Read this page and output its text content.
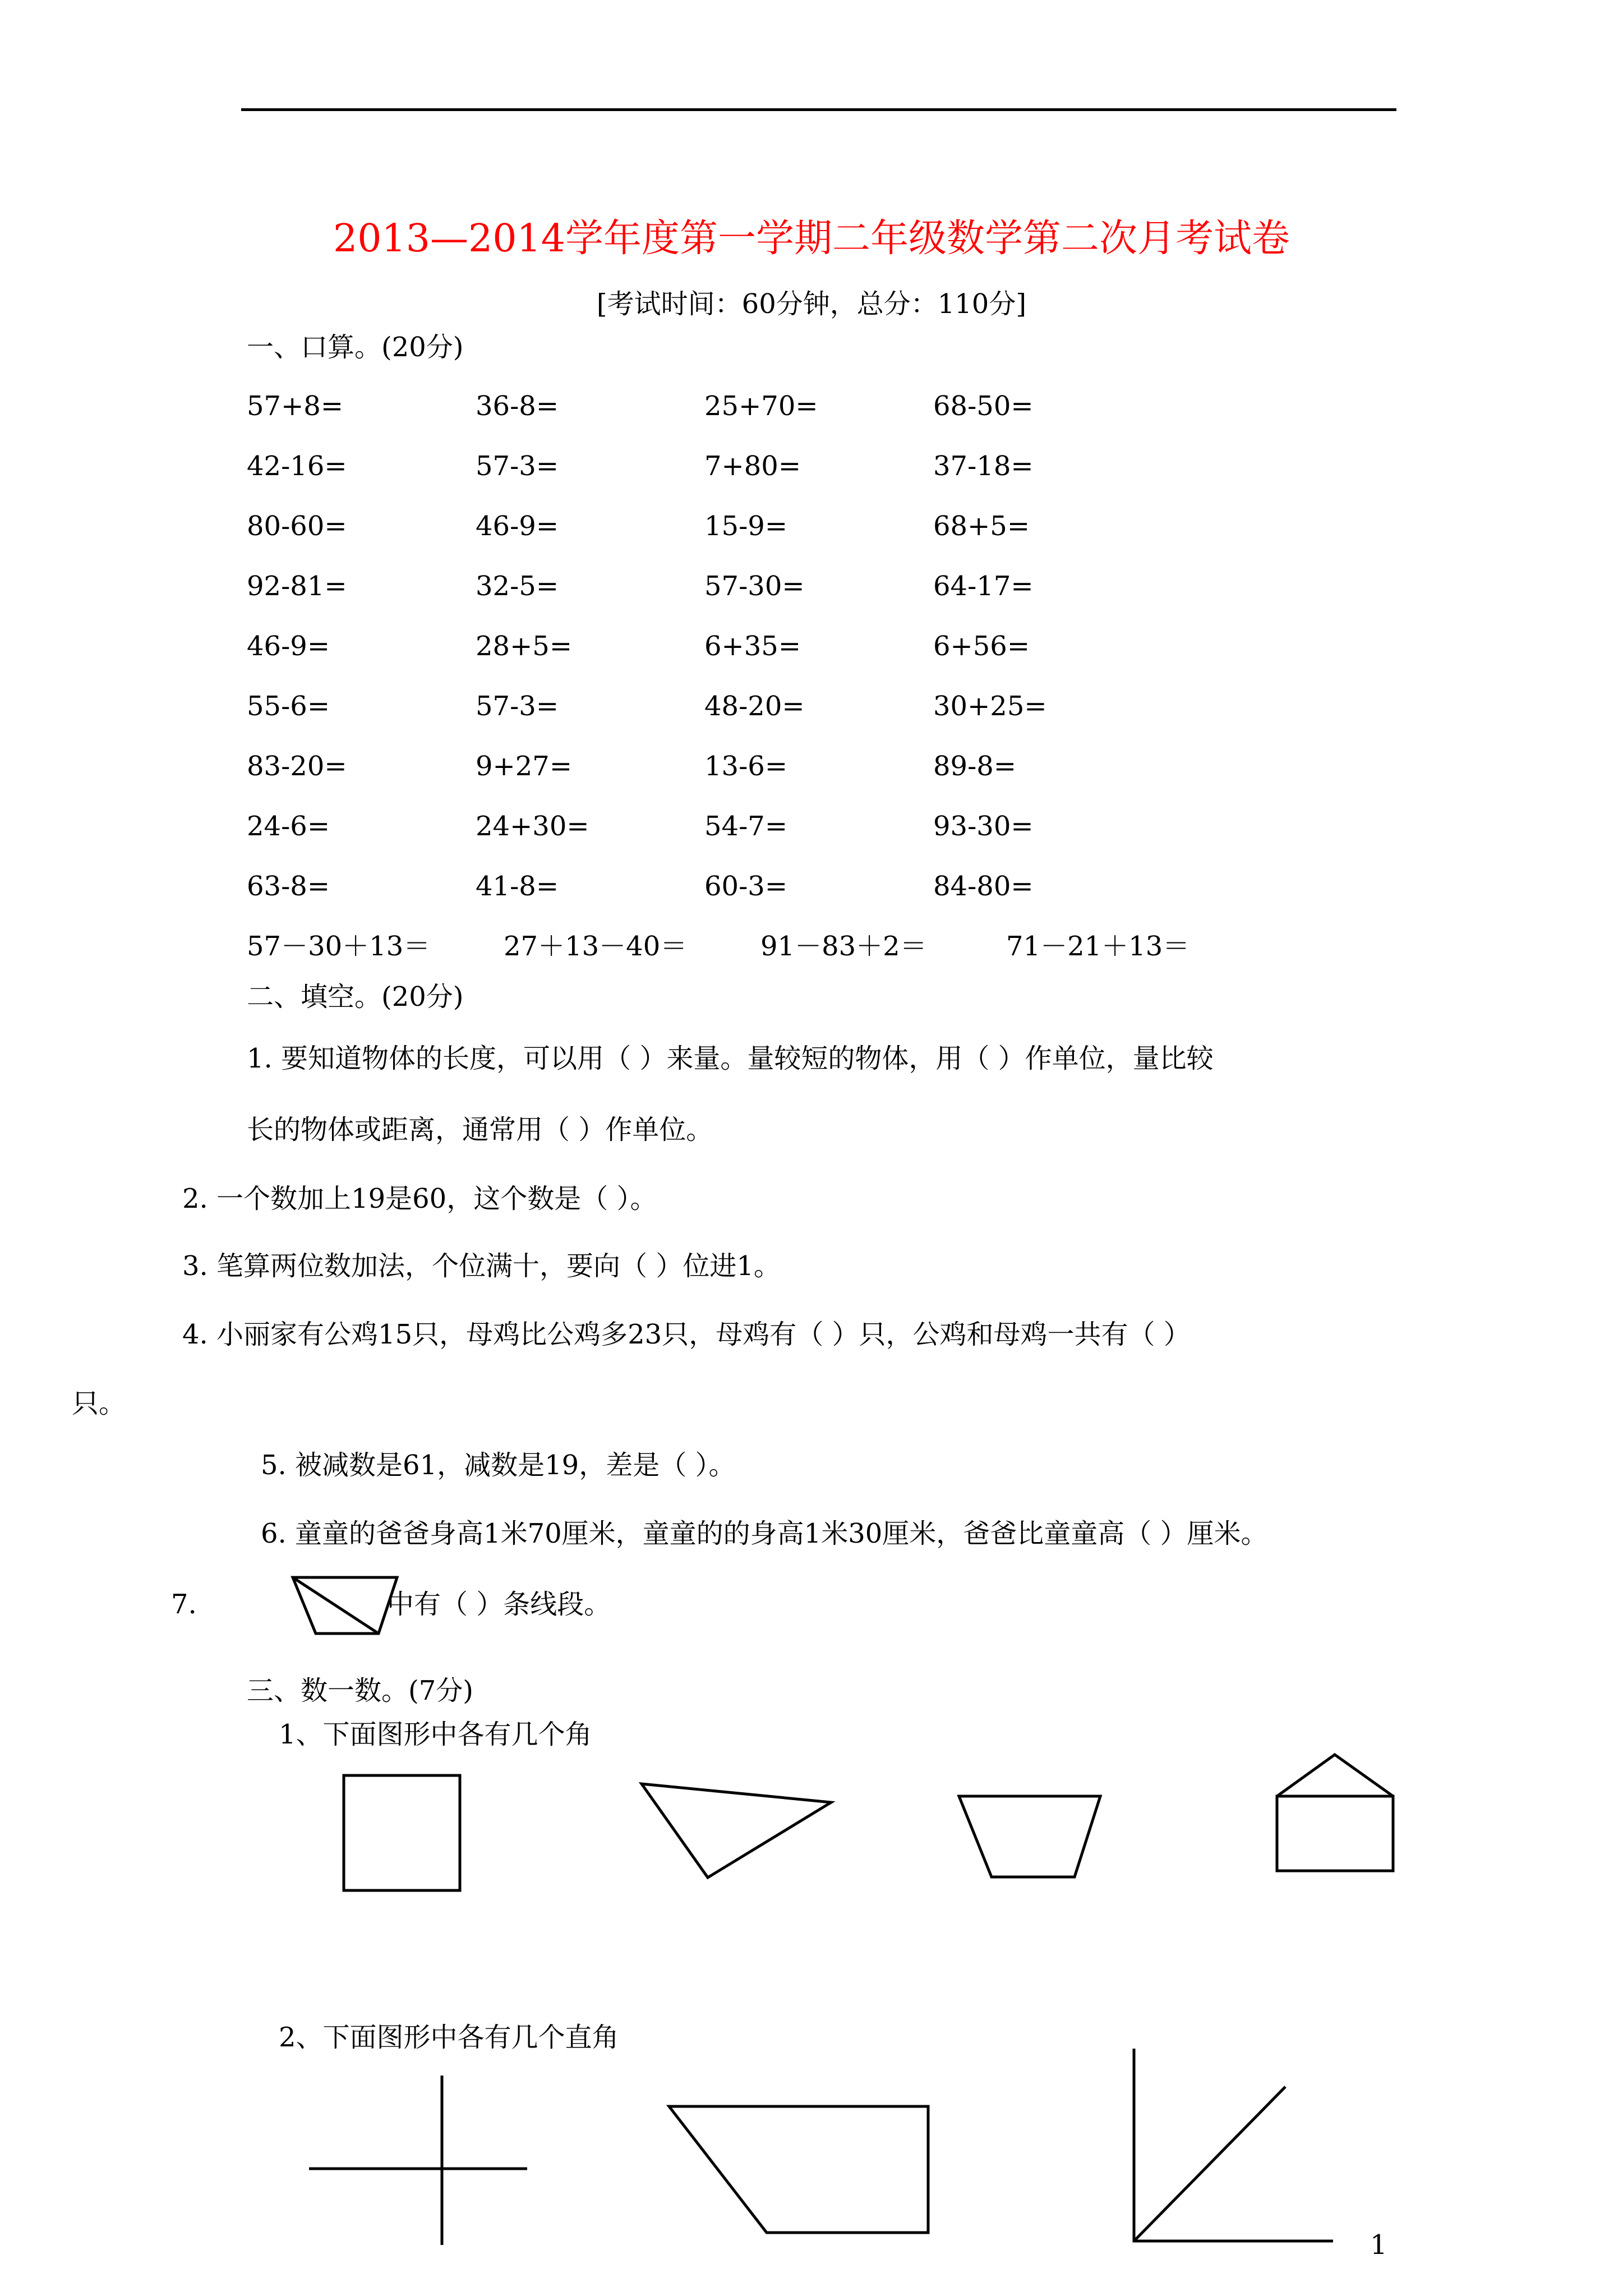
2013—2014学年度第一学期二年级数学第二次月考试卷
[考试时间：60分钟，总分：110分]
一、口算。(20分)
57+8=	36-8=	25+70=	68-50=
42-16=	57-3=	7+80=	37-18=
80-60=	46-9=	15-9=	68+5=
92-81=	32-5=	57-30=	64-17=
46-9=	28+5=	6+35=	6+56=
55-6=	57-3=	48-20=	30+25=
83-20=	9+27=	13-6=	89-8=
24-6=	24+30=	54-7=	93-30=
63-8=	41-8=	60-3=	84-80=
57－30＋13＝	27＋13－40＝	91－83＋2＝	71－21＋13＝
二、填空。(20分)
1. 要知道物体的长度，可以用（ ）来量。量较短的物体，用（ ）作单位，量比较
长的物体或距离，通常用（ ）作单位。
2. 一个数加上19是60，这个数是（ ）。
3. 笔算两位数加法，个位满十，要向（ ）位进1。
4. 小丽家有公鸡15只，母鸡比公鸡多23只，母鸡有（ ）只，公鸡和母鸡一共有（ ）
只。
5. 被减数是61，减数是19，差是（ ）。
6. 童童的爸爸身高1米70厘米，童童的的身高1米30厘米，爸爸比童童高（ ）厘米。
7.	中有（ ）条线段。
三、数一数。(7分)
1、下面图形中各有几个角
2、下面图形中各有几个直角
1
